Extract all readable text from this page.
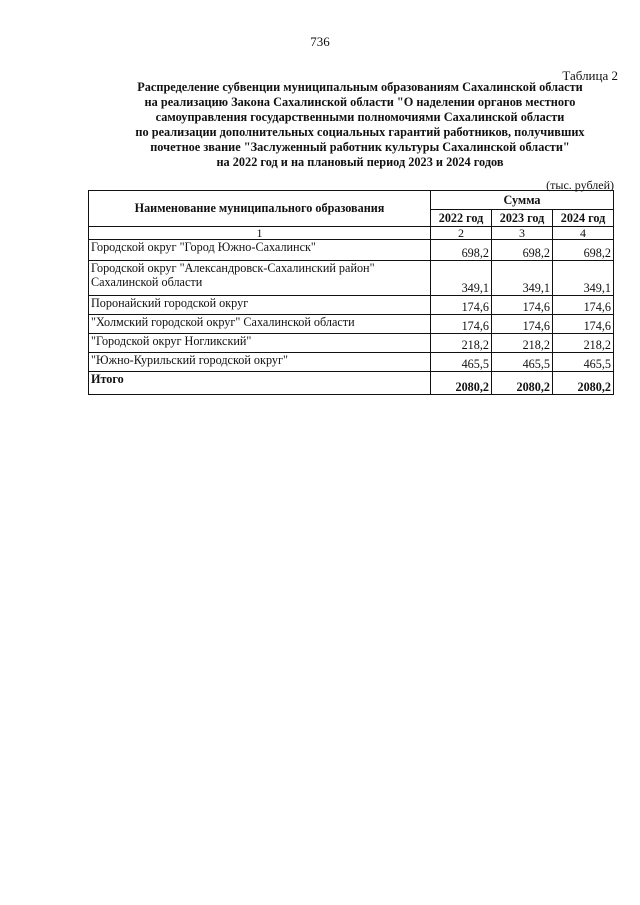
736
Таблица 2
Распределение субвенции муниципальным образованиям Сахалинской области
на реализацию Закона Сахалинской области "О наделении органов местного
самоуправления государственными полномочиями Сахалинской области
по реализации дополнительных социальных гарантий работников, получивших
почетное звание "Заслуженный работник культуры Сахалинской области"
на 2022 год и на плановый период 2023 и 2024 годов
(тыс. рублей)
Наименование муниципального образования	Сумма		
	2022 год	2023 год	2024 год
1	2	3	4
Городской округ "Город Южно-Сахалинск"	698,2	698,2	698,2
Городской округ "Александровск-Сахалинский район" Сахалинской области	349,1	349,1	349,1
Поронайский городской округ	174,6	174,6	174,6
"Холмский городской округ" Сахалинской области	174,6	174,6	174,6
"Городской округ Ногликский"	218,2	218,2	218,2
"Южно-Курильский городской округ"	465,5	465,5	465,5
Итого	2080,2	2080,2	2080,2
